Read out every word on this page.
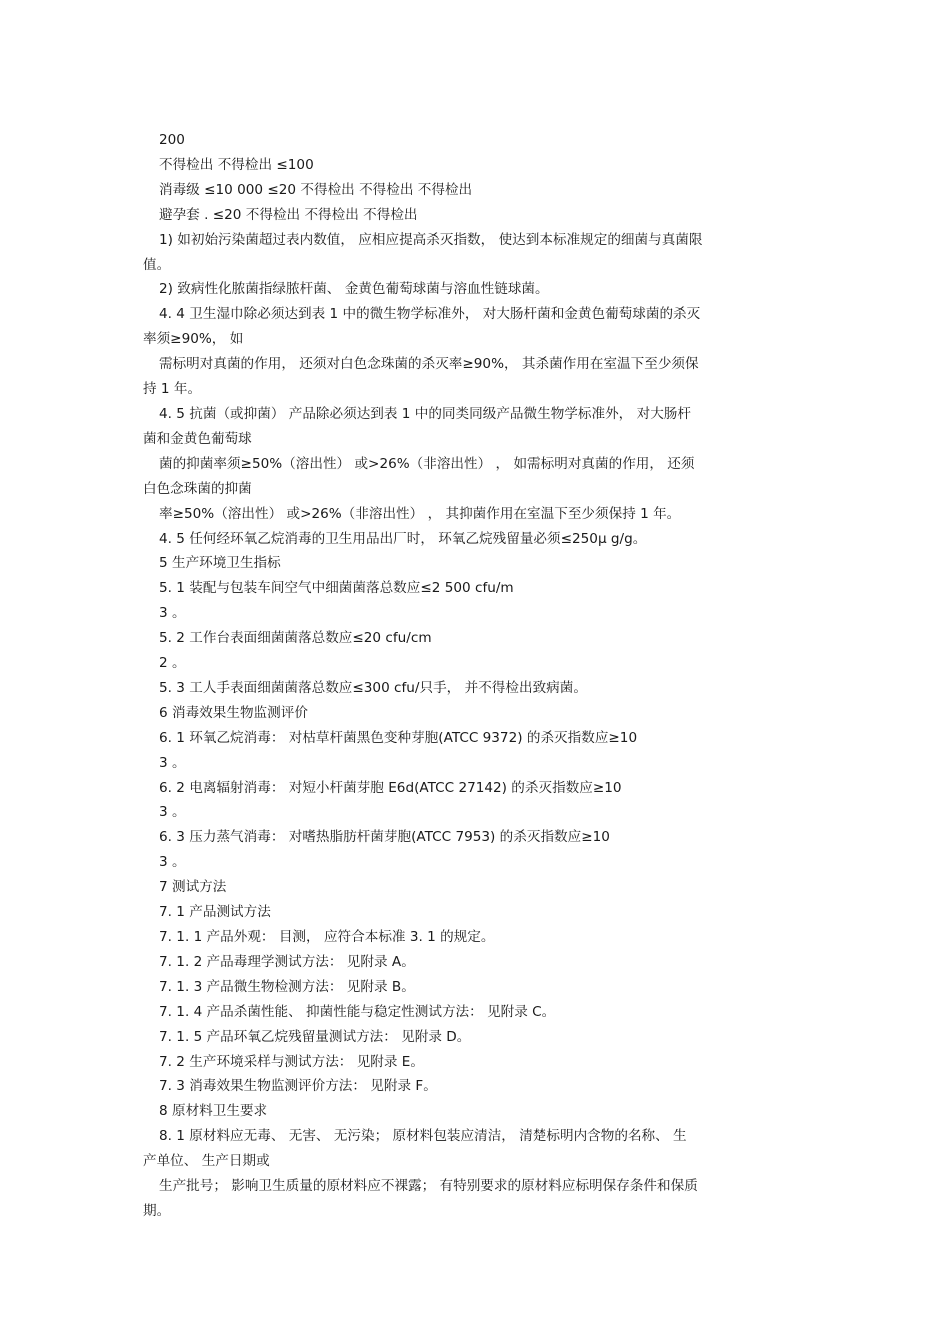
200

不得检出 不得检出 ≤100

消毒级 ≤10 000 ≤20 不得检出 不得检出 不得检出

避孕套 . ≤20 不得检出 不得检出 不得检出

1) 如初始污染菌超过表内数值， 应相应提高杀灭指数， 使达到本标准规定的细菌与真菌限

值。

2) 致病性化脓菌指绿脓杆菌、 金黄色葡萄球菌与溶血性链球菌。

4. 4 卫生湿巾除必须达到表 1 中的微生物学标准外， 对大肠杆菌和金黄色葡萄球菌的杀灭

率须≥90%， 如

需标明对真菌的作用， 还须对白色念珠菌的杀灭率≥90%， 其杀菌作用在室温下至少须保

持 1 年。

4. 5 抗菌（或抑菌） 产品除必须达到表 1 中的同类同级产品微生物学标准外， 对大肠杆

菌和金黄色葡萄球

菌的抑菌率须≥50%（溶出性） 或>26%（非溶出性） ， 如需标明对真菌的作用， 还须

白色念珠菌的抑菌

率≥50%（溶出性） 或>26%（非溶出性） ， 其抑菌作用在室温下至少须保持 1 年。

4. 5 任何经环氧乙烷消毒的卫生用品出厂时， 环氧乙烷残留量必须≤250μ g/g。

5 生产环境卫生指标

5. 1 装配与包装车间空气中细菌菌落总数应≤2 500 cfu/m

3 。

5. 2 工作台表面细菌菌落总数应≤20 cfu/cm

2 。

5. 3 工人手表面细菌菌落总数应≤300 cfu/只手， 并不得检出致病菌。

6 消毒效果生物监测评价

6. 1 环氧乙烷消毒： 对枯草杆菌黑色变种芽胞(ATCC 9372) 的杀灭指数应≥10

3 。

6. 2 电离辐射消毒： 对短小杆菌芽胞 E6d(ATCC 27142) 的杀灭指数应≥10

3 。

6. 3 压力蒸气消毒： 对嗜热脂肪杆菌芽胞(ATCC 7953) 的杀灭指数应≥10

3 。

7 测试方法

7. 1 产品测试方法

7. 1. 1 产品外观： 目测， 应符合本标准 3. 1 的规定。

7. 1. 2 产品毒理学测试方法： 见附录 A。

7. 1. 3 产品微生物检测方法： 见附录 B。

7. 1. 4 产品杀菌性能、 抑菌性能与稳定性测试方法： 见附录 C。

7. 1. 5 产品环氧乙烷残留量测试方法： 见附录 D。

7. 2 生产环境采样与测试方法： 见附录 E。

7. 3 消毒效果生物监测评价方法： 见附录 F。

8 原材料卫生要求

8. 1 原材料应无毒、 无害、 无污染； 原材料包装应清洁， 清楚标明内含物的名称、 生

产单位、 生产日期或

生产批号； 影响卫生质量的原材料应不裸露； 有特别要求的原材料应标明保存条件和保质

期。
